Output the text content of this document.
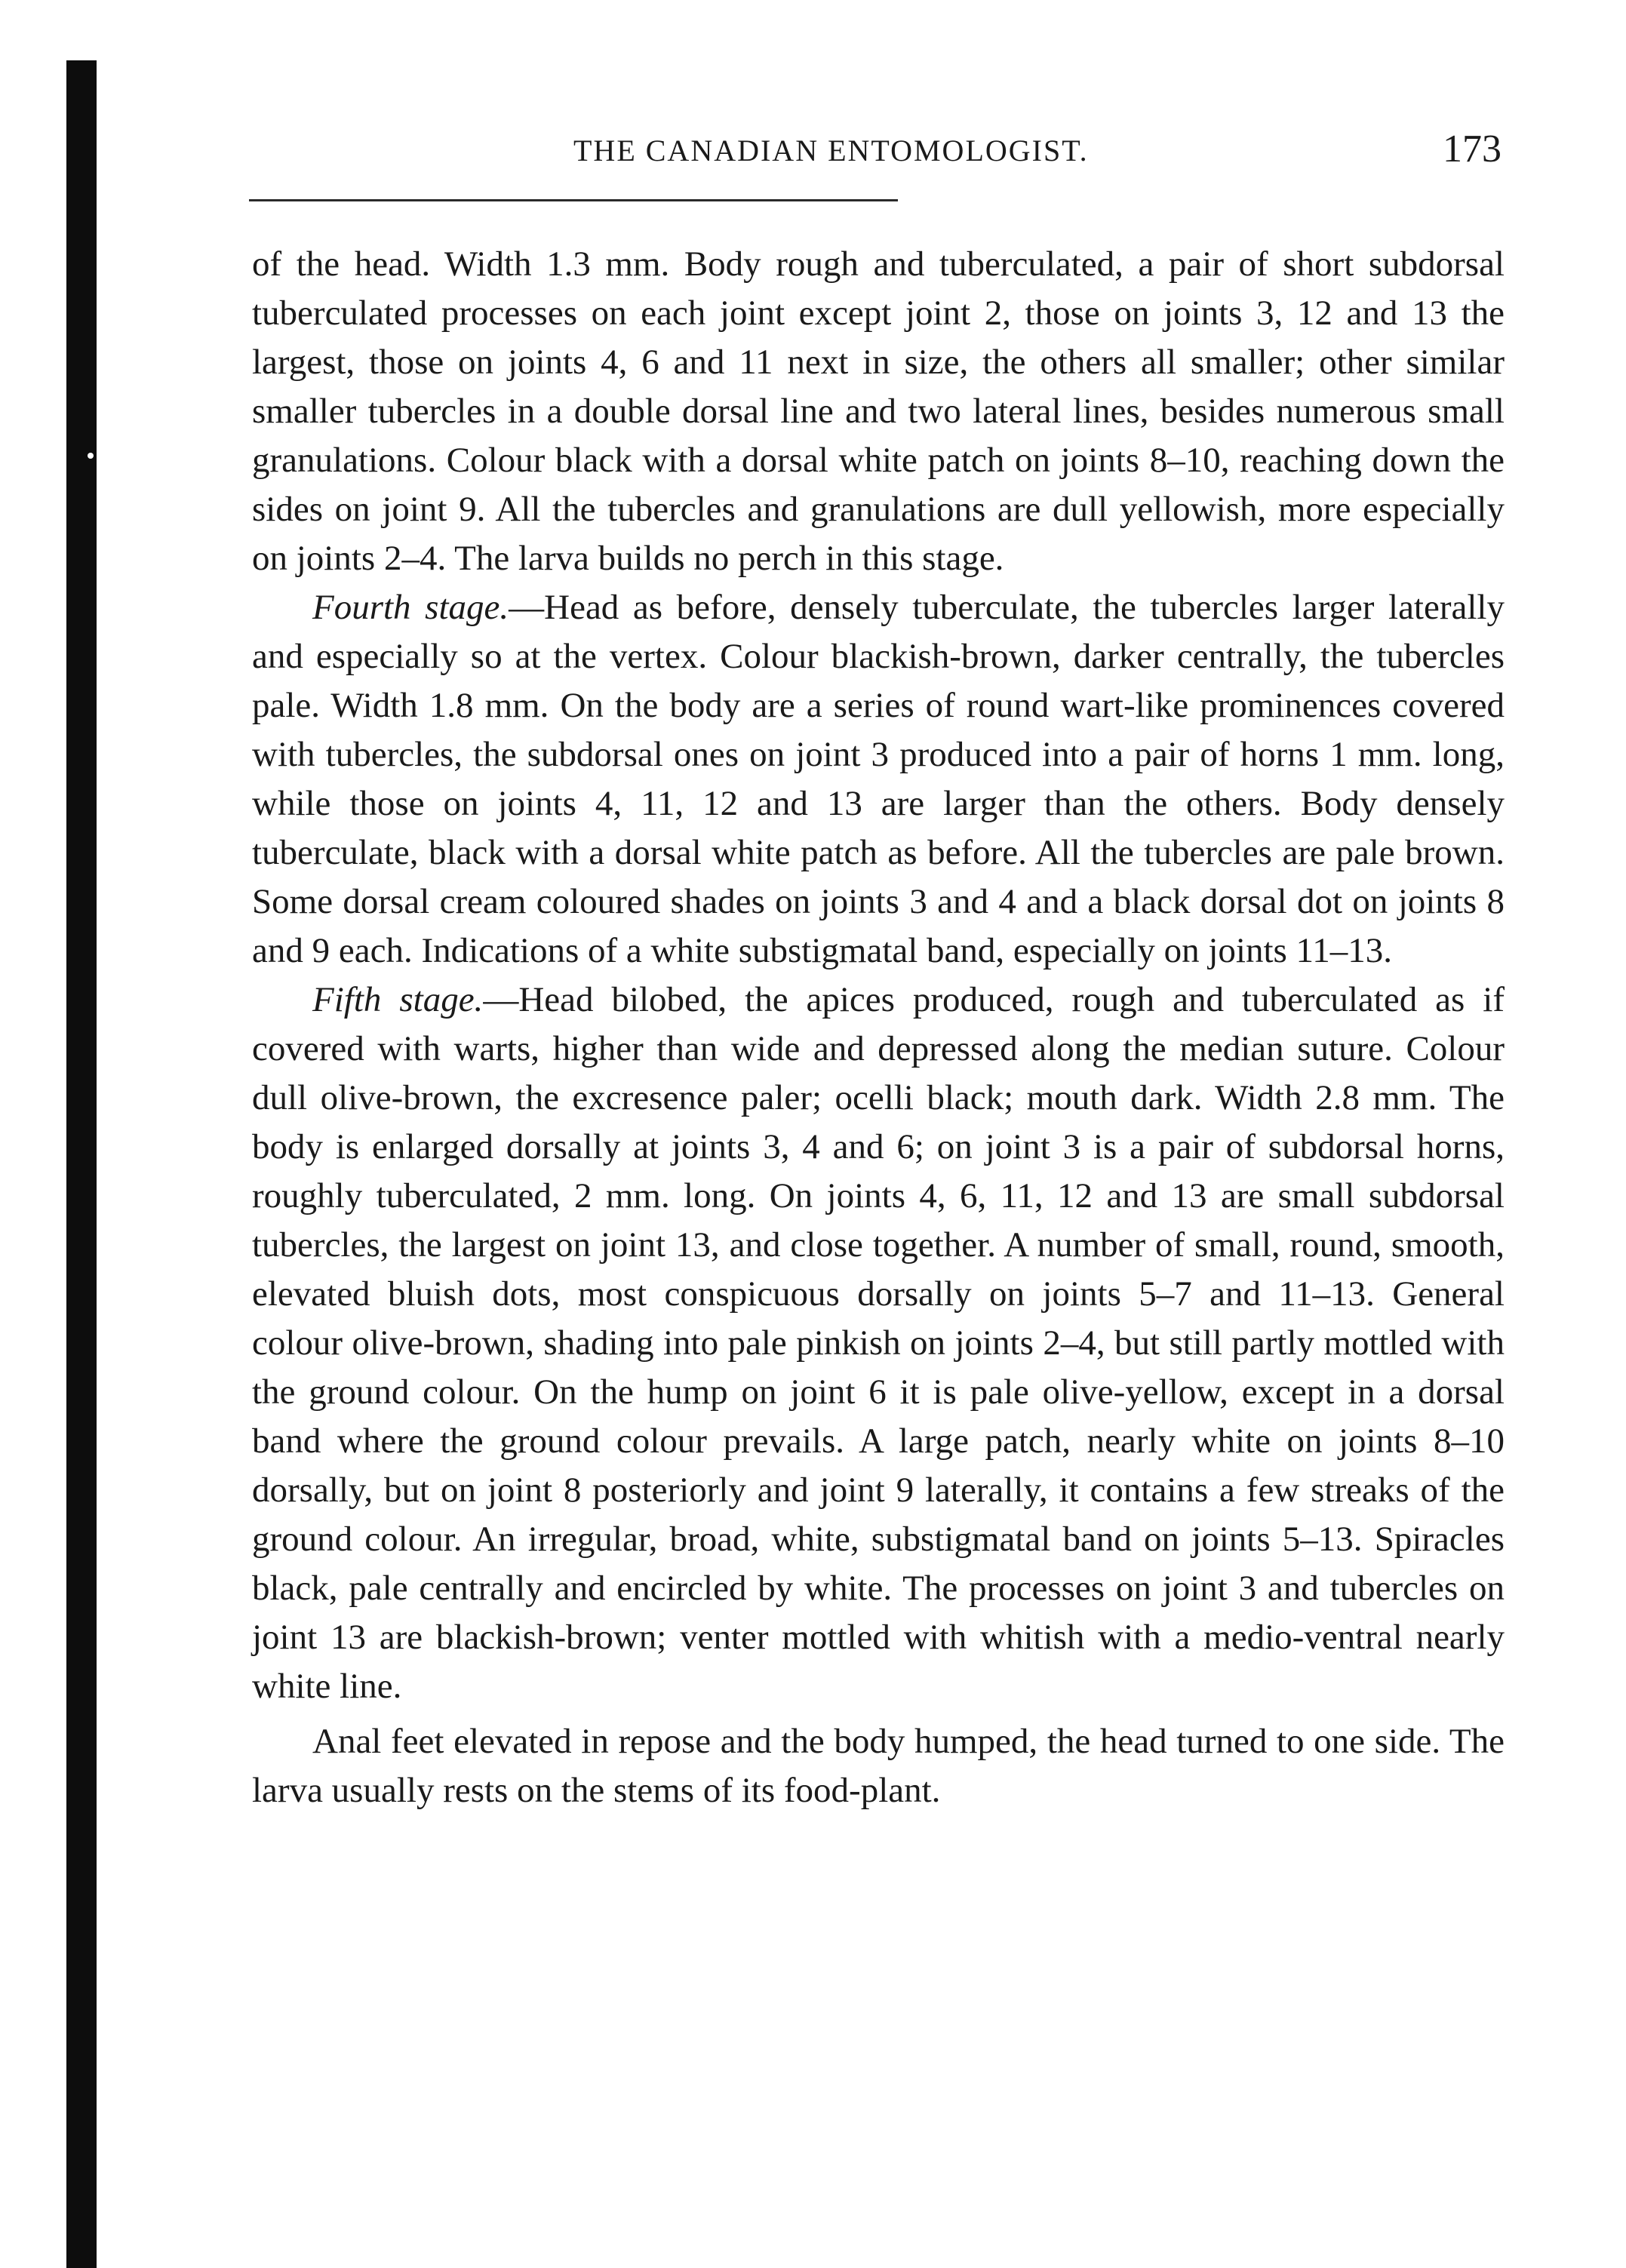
THE CANADIAN ENTOMOLOGIST.	173

of the head. Width 1.3 mm. Body rough and tuberculated, a pair of short subdorsal tuberculated processes on each joint except joint 2, those on joints 3, 12 and 13 the largest, those on joints 4, 6 and 11 next in size, the others all smaller; other similar smaller tubercles in a double dorsal line and two lateral lines, besides numerous small granulations. Colour black with a dorsal white patch on joints 8–10, reaching down the sides on joint 9. All the tubercles and granulations are dull yellowish, more especially on joints 2–4. The larva builds no perch in this stage.

Fourth stage.—Head as before, densely tuberculate, the tubercles larger laterally and especially so at the vertex. Colour blackish-brown, darker centrally, the tubercles pale. Width 1.8 mm. On the body are a series of round wart-like prominences covered with tubercles, the subdorsal ones on joint 3 produced into a pair of horns 1 mm. long, while those on joints 4, 11, 12 and 13 are larger than the others. Body densely tuberculate, black with a dorsal white patch as before. All the tubercles are pale brown. Some dorsal cream coloured shades on joints 3 and 4 and a black dorsal dot on joints 8 and 9 each. Indications of a white substigmatal band, especially on joints 11–13.

Fifth stage.—Head bilobed, the apices produced, rough and tuberculated as if covered with warts, higher than wide and depressed along the median suture. Colour dull olive-brown, the excresence paler; ocelli black; mouth dark. Width 2.8 mm. The body is enlarged dorsally at joints 3, 4 and 6; on joint 3 is a pair of subdorsal horns, roughly tuberculated, 2 mm. long. On joints 4, 6, 11, 12 and 13 are small subdorsal tubercles, the largest on joint 13, and close together. A number of small, round, smooth, elevated bluish dots, most conspicuous dorsally on joints 5–7 and 11–13. General colour olive-brown, shading into pale pinkish on joints 2–4, but still partly mottled with the ground colour. On the hump on joint 6 it is pale olive-yellow, except in a dorsal band where the ground colour prevails. A large patch, nearly white on joints 8–10 dorsally, but on joint 8 posteriorly and joint 9 laterally, it contains a few streaks of the ground colour. An irregular, broad, white, substigmatal band on joints 5–13. Spiracles black, pale centrally and encircled by white. The processes on joint 3 and tubercles on joint 13 are blackish-brown; venter mottled with whitish with a medio-ventral nearly white line.

Anal feet elevated in repose and the body humped, the head turned to one side. The larva usually rests on the stems of its food-plant.
